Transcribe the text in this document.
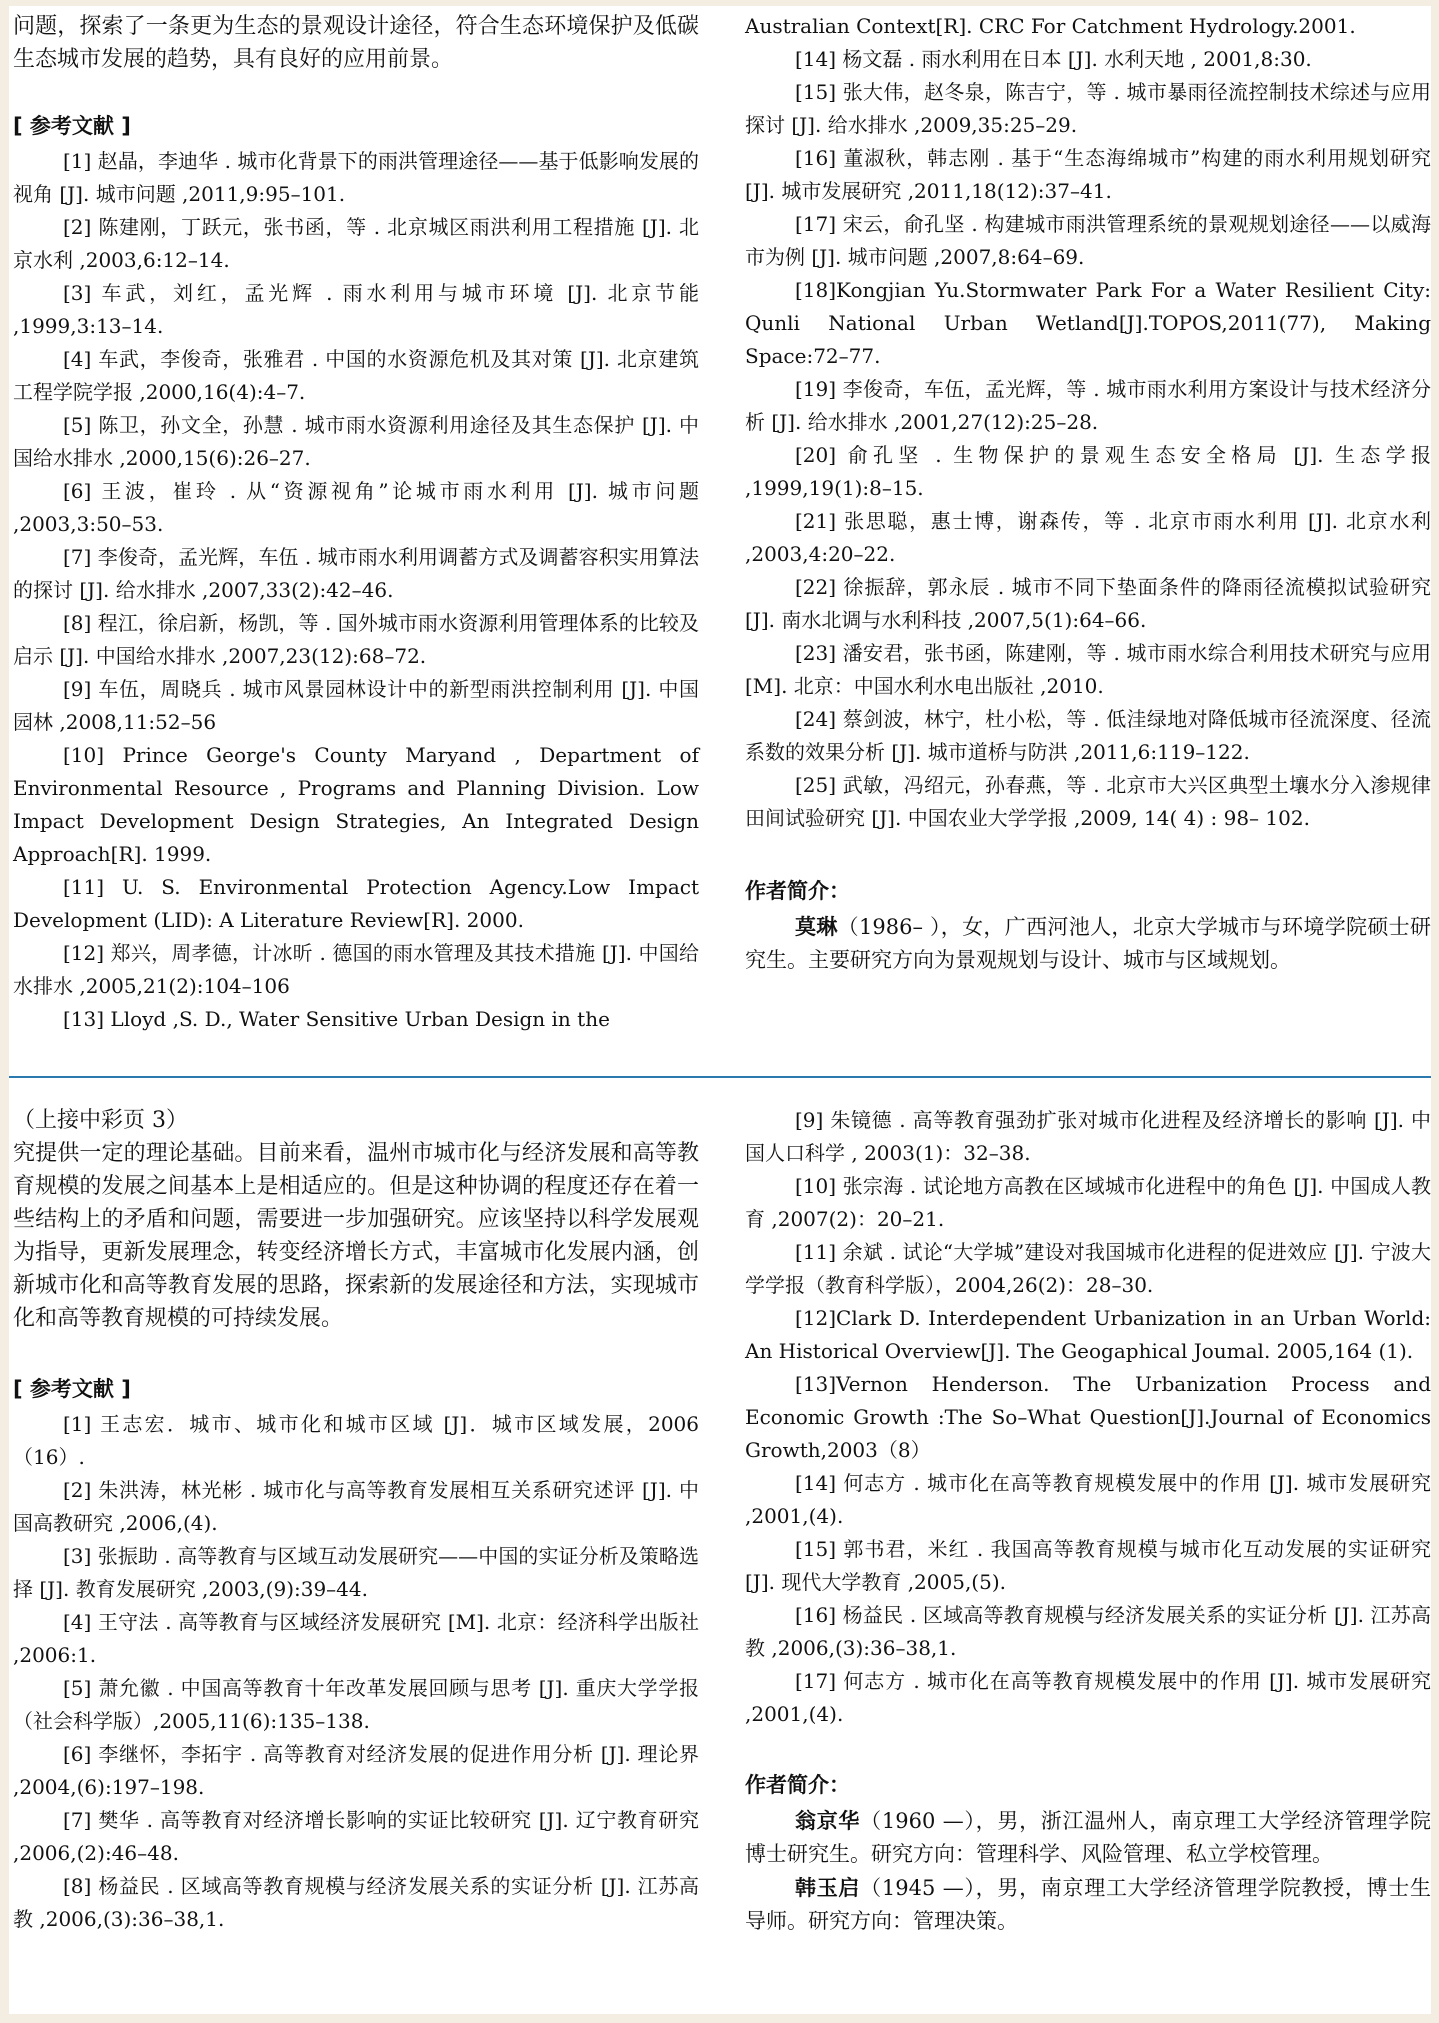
问题，探索了一条更为生态的景观设计途径，符合生态环境保护及低碳生态城市发展的趋势，具有良好的应用前景。

[ 参考文献 ]

[1] 赵晶，李迪华 . 城市化背景下的雨洪管理途径——基于低影响发展的视角 [J]. 城市问题 ,2011,9:95–101.

[2] 陈建刚，丁跃元，张书函，等 . 北京城区雨洪利用工程措施 [J]. 北京水利 ,2003,6:12–14.

[3] 车武，刘红，孟光辉 . 雨水利用与城市环境 [J]. 北京节能 ,1999,3:13–14.

[4] 车武，李俊奇，张雅君 . 中国的水资源危机及其对策 [J]. 北京建筑工程学院学报 ,2000,16(4):4–7.

[5] 陈卫，孙文全，孙慧 . 城市雨水资源利用途径及其生态保护 [J]. 中国给水排水 ,2000,15(6):26–27.

[6] 王波，崔玲 . 从“资源视角”论城市雨水利用 [J]. 城市问题 ,2003,3:50–53.

[7] 李俊奇，孟光辉，车伍 . 城市雨水利用调蓄方式及调蓄容积实用算法的探讨 [J]. 给水排水 ,2007,33(2):42–46.

[8] 程江，徐启新，杨凯，等 . 国外城市雨水资源利用管理体系的比较及启示 [J]. 中国给水排水 ,2007,23(12):68–72.

[9] 车伍，周晓兵 . 城市风景园林设计中的新型雨洪控制利用 [J]. 中国园林 ,2008,11:52–56

[10] Prince George's County Maryand , Department of Environmental Resource , Programs and Planning Division. Low Impact Development Design Strategies, An Integrated Design Approach[R]. 1999.

[11] U. S. Environmental Protection Agency.Low Impact Development (LID): A Literature Review[R]. 2000.

[12] 郑兴，周孝德，计冰昕 . 德国的雨水管理及其技术措施 [J]. 中国给水排水 ,2005,21(2):104–106

[13] Lloyd ,S. D., Water Sensitive Urban Design in the

Australian Context[R]. CRC For Catchment Hydrology.2001.

[14] 杨文磊 . 雨水利用在日本 [J]. 水利天地 , 2001,8:30.

[15] 张大伟，赵冬泉，陈吉宁，等 . 城市暴雨径流控制技术综述与应用探讨 [J]. 给水排水 ,2009,35:25–29.

[16] 董淑秋，韩志刚 . 基于“生态海绵城市”构建的雨水利用规划研究 [J]. 城市发展研究 ,2011,18(12):37–41.

[17] 宋云，俞孔坚 . 构建城市雨洪管理系统的景观规划途径——以威海市为例 [J]. 城市问题 ,2007,8:64–69.

[18]Kongjian Yu.Stormwater Park For a Water Resilient City: Qunli National Urban Wetland[J].TOPOS,2011(77), Making Space:72–77.

[19] 李俊奇，车伍，孟光辉，等 . 城市雨水利用方案设计与技术经济分析 [J]. 给水排水 ,2001,27(12):25–28.

[20] 俞孔坚 . 生物保护的景观生态安全格局 [J]. 生态学报 ,1999,19(1):8–15.

[21] 张思聪，惠士博，谢森传，等 . 北京市雨水利用 [J]. 北京水利 ,2003,4:20–22.

[22] 徐振辞，郭永辰 . 城市不同下垫面条件的降雨径流模拟试验研究 [J]. 南水北调与水利科技 ,2007,5(1):64–66.

[23] 潘安君，张书函，陈建刚，等 . 城市雨水综合利用技术研究与应用 [M]. 北京：中国水利水电出版社 ,2010.

[24] 蔡剑波，林宁，杜小松，等 . 低洼绿地对降低城市径流深度、径流系数的效果分析 [J]. 城市道桥与防洪 ,2011,6:119–122.

[25] 武敏，冯绍元，孙春燕，等 . 北京市大兴区典型土壤水分入渗规律田间试验研究 [J]. 中国农业大学学报 ,2009, 14( 4) : 98– 102.

作者简介：

莫琳（1986– ），女，广西河池人，北京大学城市与环境学院硕士研究生。主要研究方向为景观规划与设计、城市与区域规划。

（上接中彩页 3）

究提供一定的理论基础。目前来看，温州市城市化与经济发展和高等教育规模的发展之间基本上是相适应的。但是这种协调的程度还存在着一些结构上的矛盾和问题，需要进一步加强研究。应该坚持以科学发展观为指导，更新发展理念，转变经济增长方式，丰富城市化发展内涵，创新城市化和高等教育发展的思路，探索新的发展途径和方法，实现城市化和高等教育规模的可持续发展。

[ 参考文献 ]

[1] 王志宏．城市、城市化和城市区域 [J]．城市区域发展，2006（16）.

[2] 朱洪涛，林光彬 . 城市化与高等教育发展相互关系研究述评 [J]. 中国高教研究 ,2006,(4).

[3] 张振助 . 高等教育与区域互动发展研究——中国的实证分析及策略选择 [J]. 教育发展研究 ,2003,(9):39–44.

[4] 王守法 . 高等教育与区域经济发展研究 [M]. 北京：经济科学出版社 ,2006:1.

[5] 萧允徽 . 中国高等教育十年改革发展回顾与思考 [J]. 重庆大学学报（社会科学版）,2005,11(6):135–138.

[6] 李继怀，李拓宇 . 高等教育对经济发展的促进作用分析 [J]. 理论界 ,2004,(6):197–198.

[7] 樊华 . 高等教育对经济增长影响的实证比较研究 [J]. 辽宁教育研究 ,2006,(2):46–48.

[8] 杨益民 . 区域高等教育规模与经济发展关系的实证分析 [J]. 江苏高教 ,2006,(3):36–38,1.

[9] 朱镜德 . 高等教育强劲扩张对城市化进程及经济增长的影响 [J]. 中国人口科学 , 2003(1)：32–38.

[10] 张宗海 . 试论地方高教在区域城市化进程中的角色 [J]. 中国成人教育 ,2007(2)：20–21.

[11] 余斌 . 试论“大学城”建设对我国城市化进程的促进效应 [J]. 宁波大学学报（教育科学版），2004,26(2)：28–30.

[12]Clark D. Interdependent Urbanization in an Urban World: An Historical Overview[J]. The Geogaphical Joumal. 2005,164 (1).

[13]Vernon Henderson. The Urbanization Process and Economic Growth :The So–What Question[J].Journal of Economics Growth,2003（8）

[14] 何志方 . 城市化在高等教育规模发展中的作用 [J]. 城市发展研究 ,2001,(4).

[15] 郭书君，米红 . 我国高等教育规模与城市化互动发展的实证研究 [J]. 现代大学教育 ,2005,(5).

[16] 杨益民 . 区域高等教育规模与经济发展关系的实证分析 [J]. 江苏高教 ,2006,(3):36–38,1.

[17] 何志方 . 城市化在高等教育规模发展中的作用 [J]. 城市发展研究 ,2001,(4).

作者简介：

翁京华（1960 —），男，浙江温州人，南京理工大学经济管理学院博士研究生。研究方向：管理科学、风险管理、私立学校管理。

韩玉启（1945 —），男，南京理工大学经济管理学院教授，博士生导师。研究方向：管理决策。
